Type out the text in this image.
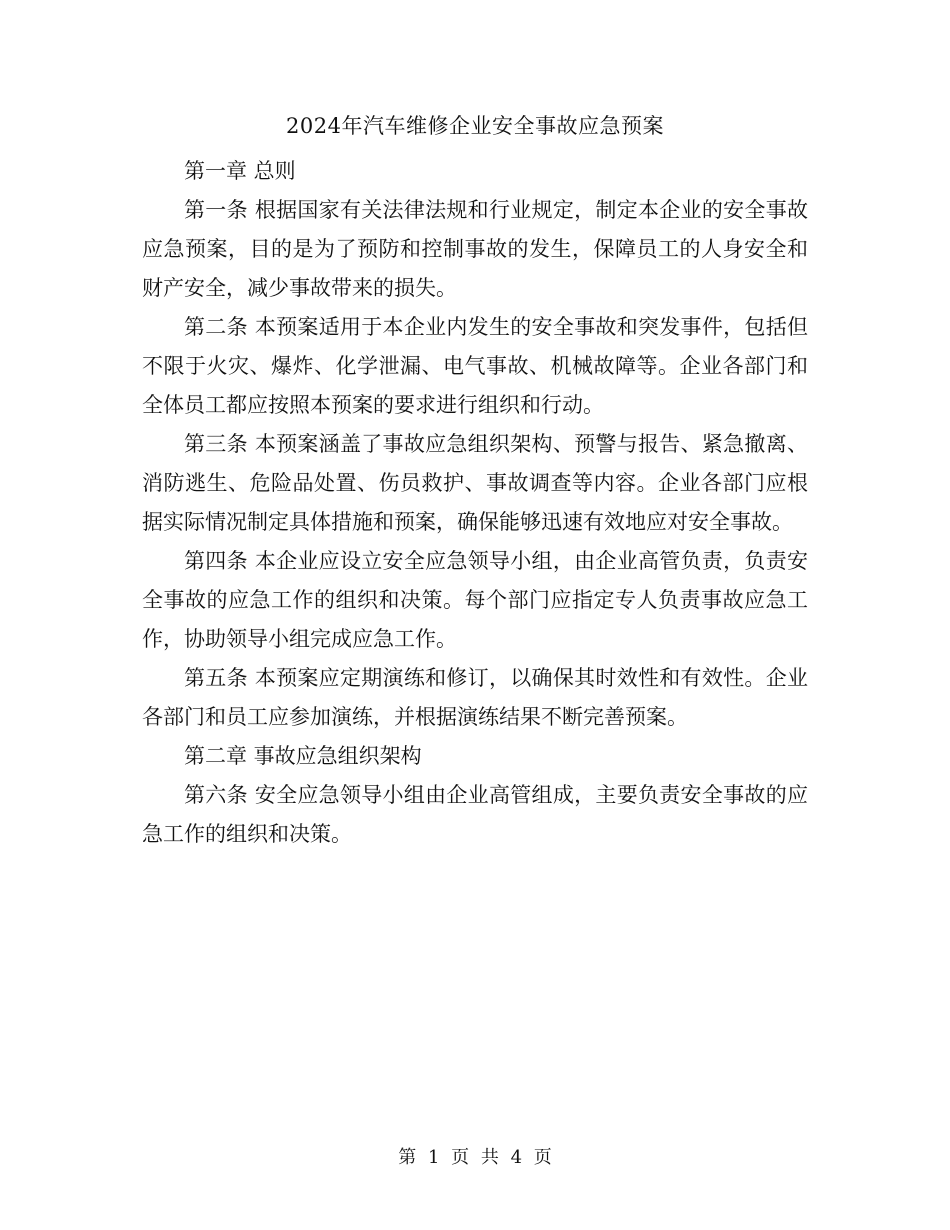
2024年汽车维修企业安全事故应急预案

第一章 总则

第一条 根据国家有关法律法规和行业规定，制定本企业的安全事故应急预案，目的是为了预防和控制事故的发生，保障员工的人身安全和财产安全，减少事故带来的损失。

第二条 本预案适用于本企业内发生的安全事故和突发事件，包括但不限于火灾、爆炸、化学泄漏、电气事故、机械故障等。企业各部门和全体员工都应按照本预案的要求进行组织和行动。

第三条 本预案涵盖了事故应急组织架构、预警与报告、紧急撤离、消防逃生、危险品处置、伤员救护、事故调查等内容。企业各部门应根据实际情况制定具体措施和预案，确保能够迅速有效地应对安全事故。

第四条 本企业应设立安全应急领导小组，由企业高管负责，负责安全事故的应急工作的组织和决策。每个部门应指定专人负责事故应急工作，协助领导小组完成应急工作。

第五条 本预案应定期演练和修订，以确保其时效性和有效性。企业各部门和员工应参加演练，并根据演练结果不断完善预案。

第二章 事故应急组织架构

第六条 安全应急领导小组由企业高管组成，主要负责安全事故的应急工作的组织和决策。

第 1 页 共 4 页
